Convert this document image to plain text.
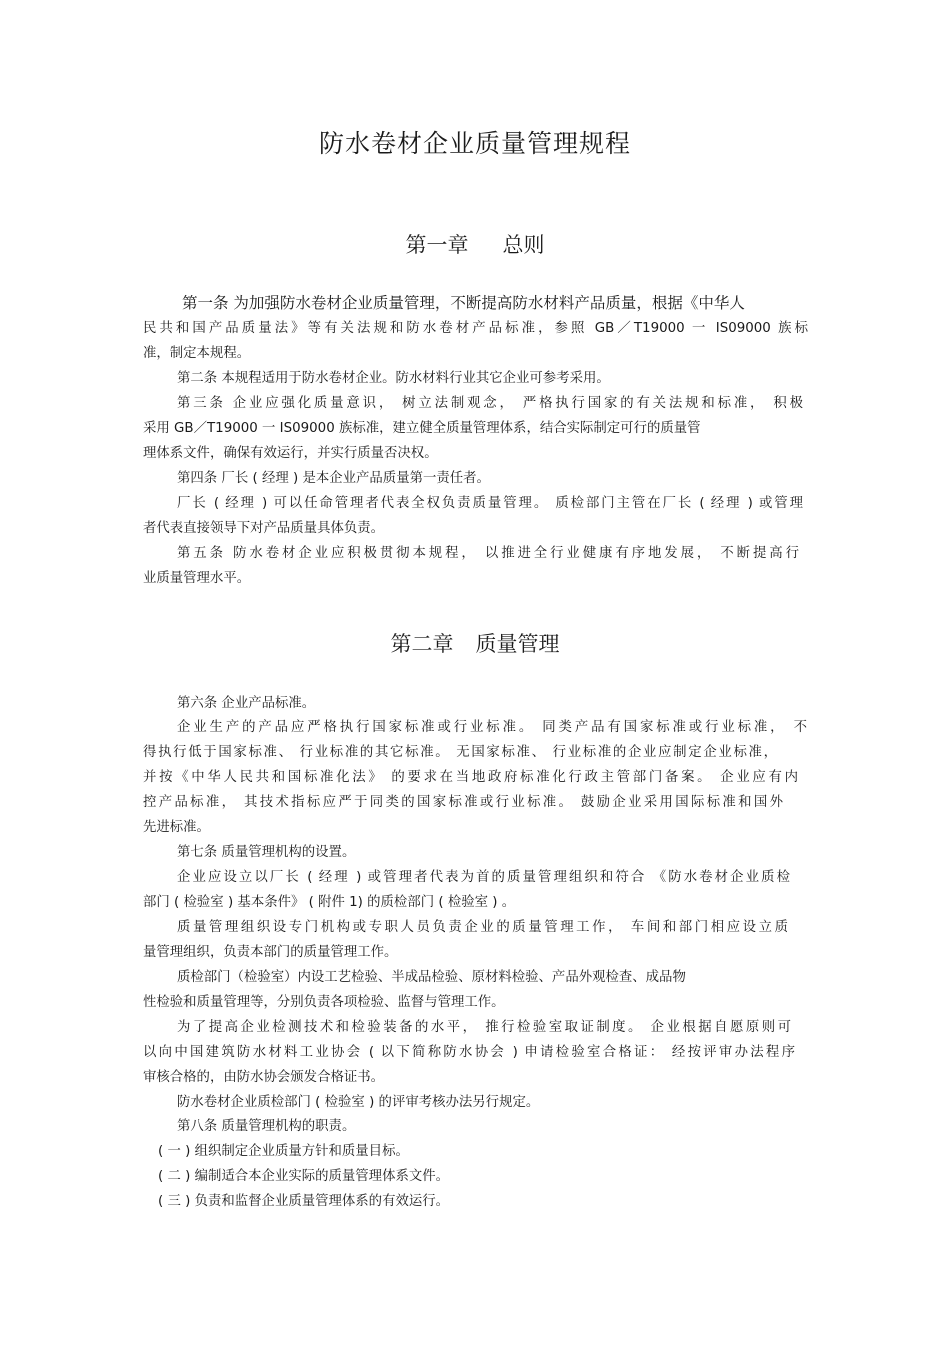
防水卷材企业质量管理规程
第一章 总则
第一条 为加强防水卷材企业质量管理，不断提高防水材料产品质量，根据《中华人
民共和国产品质量法》等有关法规和防水卷材产品标准，参照 GB／T19000 一 IS09000 族标
准，制定本规程。
第二条 本规程适用于防水卷材企业。防水材料行业其它企业可参考采用。
第三条 企业应强化质量意识， 树立法制观念， 严格执行国家的有关法规和标准， 积极
采用 GB／T19000 一 IS09000 族标准，建立健全质量管理体系，结合实际制定可行的质量管
理体系文件，确保有效运行，并实行质量否决权。
第四条 厂长 ( 经理 ) 是本企业产品质量第一责任者。
厂长 ( 经理 ) 可以任命管理者代表全权负责质量管理。 质检部门主管在厂长 ( 经理 ) 或管理
者代表直接领导下对产品质量具体负责。
第五条 防水卷材企业应积极贯彻本规程， 以推进全行业健康有序地发展， 不断提高行
业质量管理水平。
第二章 质量管理
第六条 企业产品标准。
企业生产的产品应严格执行国家标准或行业标准。 同类产品有国家标准或行业标准， 不
得执行低于国家标准、 行业标准的其它标准。 无国家标准、 行业标准的企业应制定企业标准，
并按《中华人民共和国标准化法》 的要求在当地政府标准化行政主管部门备案。 企业应有内
控产品标准， 其技术指标应严于同类的国家标准或行业标准。 鼓励企业采用国际标准和国外
先进标准。
第七条 质量管理机构的设置。
企业应设立以厂长 ( 经理 ) 或管理者代表为首的质量管理组织和符合 《防水卷材企业质检
部门 ( 检验室 ) 基本条件》 ( 附件 1) 的质检部门 ( 检验室 ) 。
质量管理组织设专门机构或专职人员负责企业的质量管理工作， 车间和部门相应设立质
量管理组织，负责本部门的质量管理工作。
质检部门（检验室）内设工艺检验、半成品检验、原材料检验、产品外观检查、成品物
性检验和质量管理等，分别负责各项检验、监督与管理工作。
为了提高企业检测技术和检验装备的水平， 推行检验室取证制度。 企业根据自愿原则可
以向中国建筑防水材料工业协会 ( 以下简称防水协会 ) 申请检验室合格证： 经按评审办法程序
审核合格的，由防水协会颁发合格证书。
防水卷材企业质检部门 ( 检验室 ) 的评审考核办法另行规定。
第八条 质量管理机构的职责。
( 一 ) 组织制定企业质量方针和质量目标。
( 二 ) 编制适合本企业实际的质量管理体系文件。
( 三 ) 负责和监督企业质量管理体系的有效运行。
